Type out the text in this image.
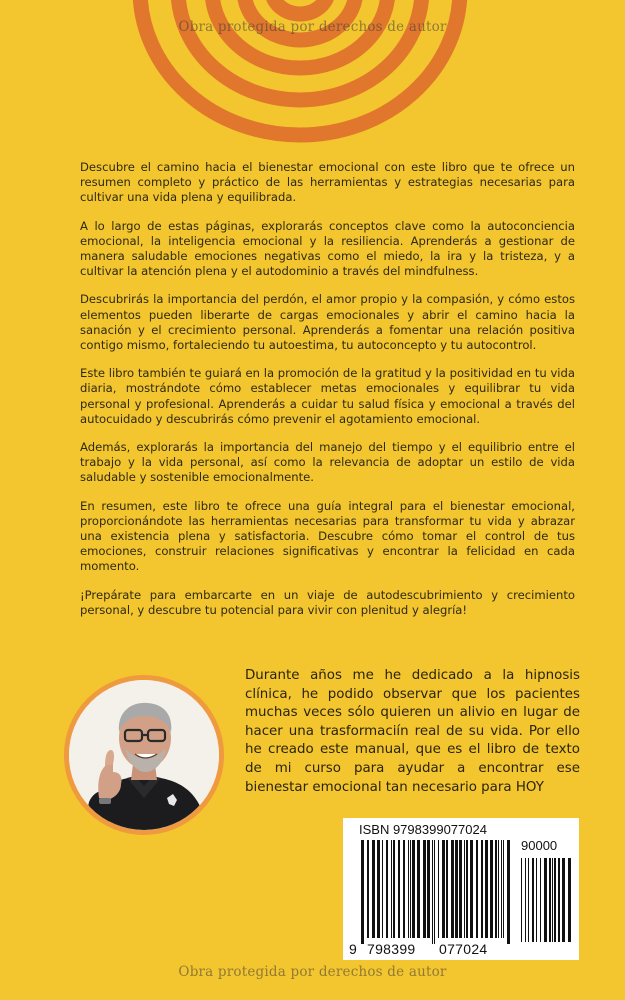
Obra protegida por derechos de autor

Descubre el camino hacia el bienestar emocional con este libro que te ofrece un resumen completo y práctico de las herramientas y estrategias necesarias para cultivar una vida plena y equilibrada.

A lo largo de estas páginas, explorarás conceptos clave como la autoconciencia emocional, la inteligencia emocional y la resiliencia. Aprenderás a gestionar de manera saludable emociones negativas como el miedo, la ira y la tristeza, y a cultivar la atención plena y el autodominio a través del mindfulness.

Descubrirás la importancia del perdón, el amor propio y la compasión, y cómo estos elementos pueden liberarte de cargas emocionales y abrir el camino hacia la sanación y el crecimiento personal. Aprenderás a fomentar una relación positiva contigo mismo, fortaleciendo tu autoestima, tu autoconcepto y tu autocontrol.

Este libro también te guiará en la promoción de la gratitud y la positividad en tu vida diaria, mostrándote cómo establecer metas emocionales y equilibrar tu vida personal y profesional. Aprenderás a cuidar tu salud física y emocional a través del autocuidado y descubrirás cómo prevenir el agotamiento emocional.

Además, explorarás la importancia del manejo del tiempo y el equilibrio entre el trabajo y la vida personal, así como la relevancia de adoptar un estilo de vida saludable y sostenible emocionalmente.

En resumen, este libro te ofrece una guía integral para el bienestar emocional, proporcionándote las herramientas necesarias para transformar tu vida y abrazar una existencia plena y satisfactoria. Descubre cómo tomar el control de tus emociones, construir relaciones significativas y encontrar la felicidad en cada momento.

¡Prepárate para embarcarte en un viaje de autodescubrimiento y crecimiento personal, y descubre tu potencial para vivir con plenitud y alegría!

Durante años me he dedicado a la hipnosis clínica, he podido observar que los pacientes muchas veces sólo quieren un alivio en lugar de hacer una trasformaciín real de su vida. Por ello he creado este manual, que es el libro de texto de mi curso para ayudar a encontrar ese bienestar emocional tan necesario para HOY

ISBN 9798399077024
90000
9 798399 077024
Obra protegida por derechos de autor
